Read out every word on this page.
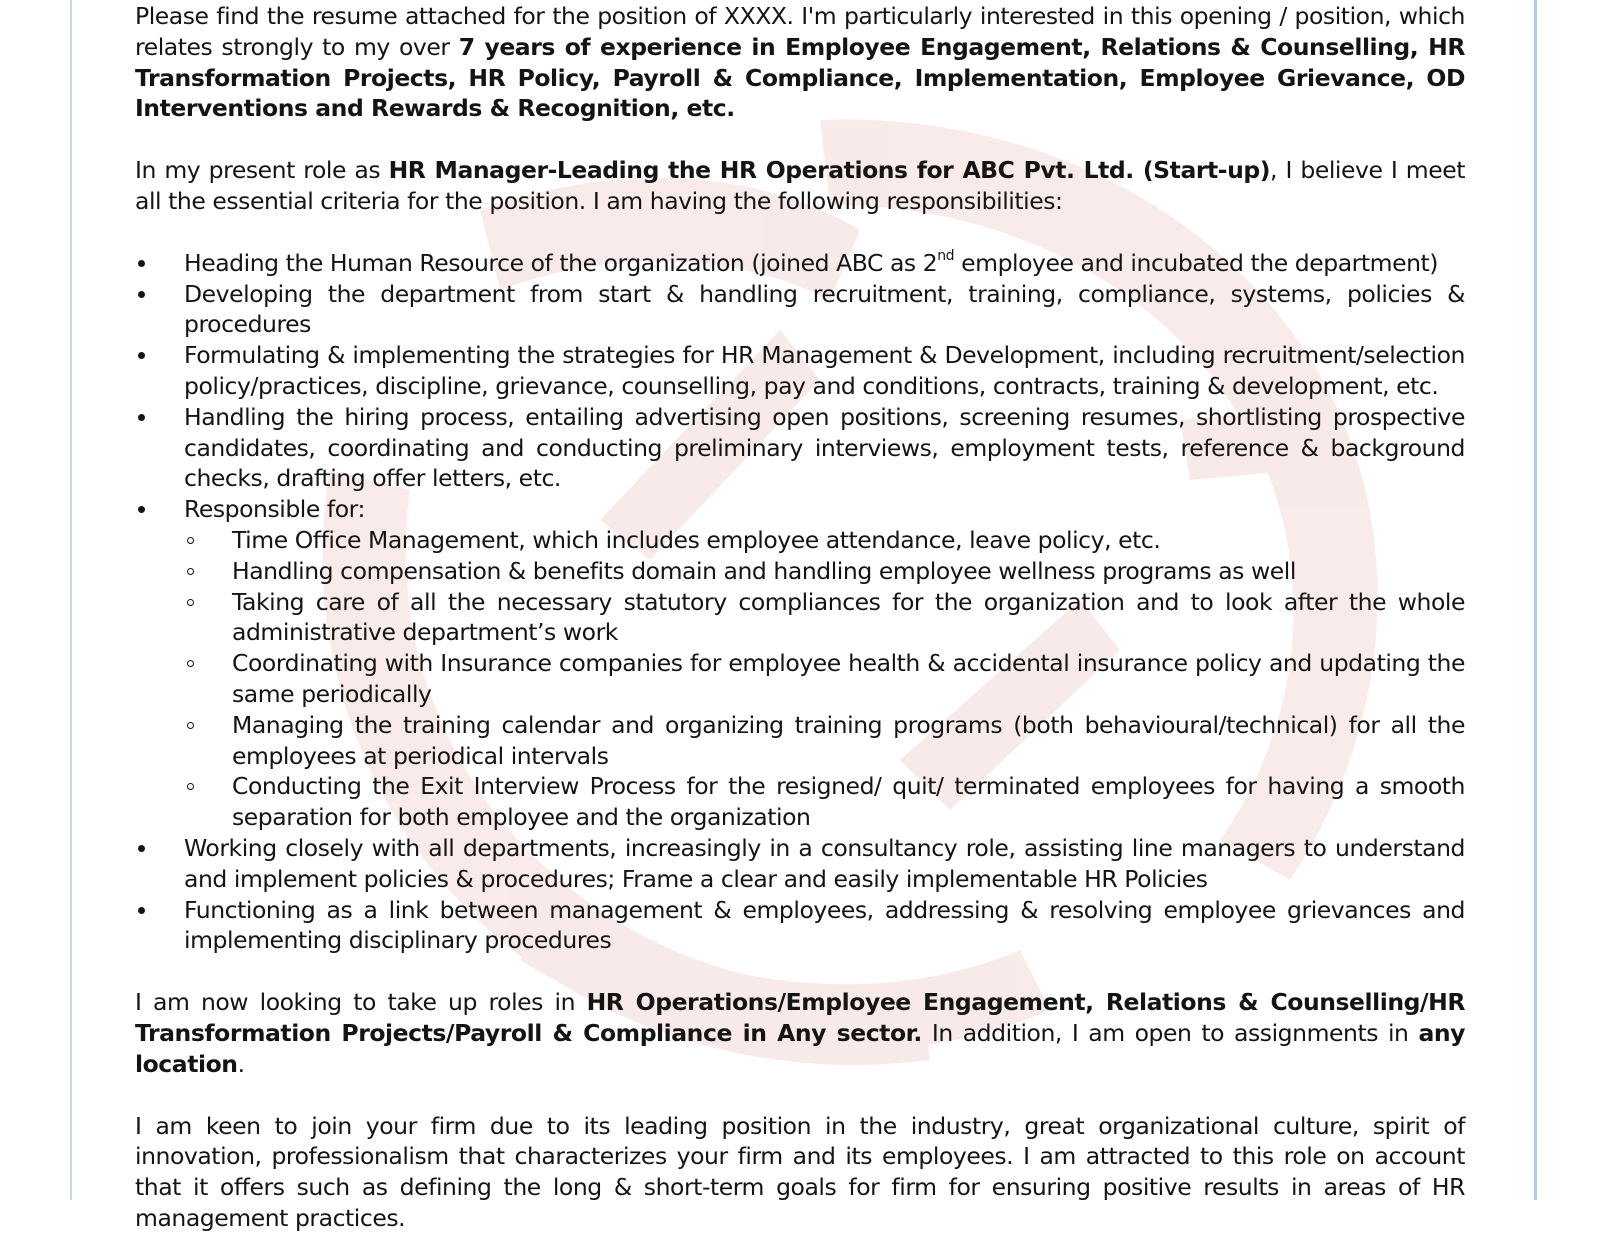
Please find the resume attached for the position of XXXX. I'm particularly interested in this opening / position, which relates strongly to my over 7 years of experience in Employee Engagement, Relations & Counselling, HR Transformation Projects, HR Policy, Payroll & Compliance, Implementation, Employee Grievance, OD Interventions and Rewards & Recognition, etc.

In my present role as HR Manager-Leading the HR Operations for ABC Pvt. Ltd. (Start-up), I believe I meet all the essential criteria for the position. I am having the following responsibilities:

Heading the Human Resource of the organization (joined ABC as 2nd employee and incubated the department)
Developing the department from start & handling recruitment, training, compliance, systems, policies & procedures
Formulating & implementing the strategies for HR Management & Development, including recruitment/selection policy/practices, discipline, grievance, counselling, pay and conditions, contracts, training & development, etc.
Handling the hiring process, entailing advertising open positions, screening resumes, shortlisting prospective candidates, coordinating and conducting preliminary interviews, employment tests, reference & background checks, drafting offer letters, etc.
Responsible for:
Time Office Management, which includes employee attendance, leave policy, etc.
Handling compensation & benefits domain and handling employee wellness programs as well
Taking care of all the necessary statutory compliances for the organization and to look after the whole administrative department’s work
Coordinating with Insurance companies for employee health & accidental insurance policy and updating the same periodically
Managing the training calendar and organizing training programs (both behavioural/technical) for all the employees at periodical intervals
Conducting the Exit Interview Process for the resigned/ quit/ terminated employees for having a smooth separation for both employee and the organization
Working closely with all departments, increasingly in a consultancy role, assisting line managers to understand and implement policies & procedures; Frame a clear and easily implementable HR Policies
Functioning as a link between management & employees, addressing & resolving employee grievances and implementing disciplinary procedures

I am now looking to take up roles in HR Operations/Employee Engagement, Relations & Counselling/HR Transformation Projects/Payroll & Compliance in Any sector. In addition, I am open to assignments in any location.

I am keen to join your firm due to its leading position in the industry, great organizational culture, spirit of innovation, professionalism that characterizes your firm and its employees. I am attracted to this role on account that it offers such as defining the long & short-term goals for firm for ensuring positive results in areas of HR management practices.
